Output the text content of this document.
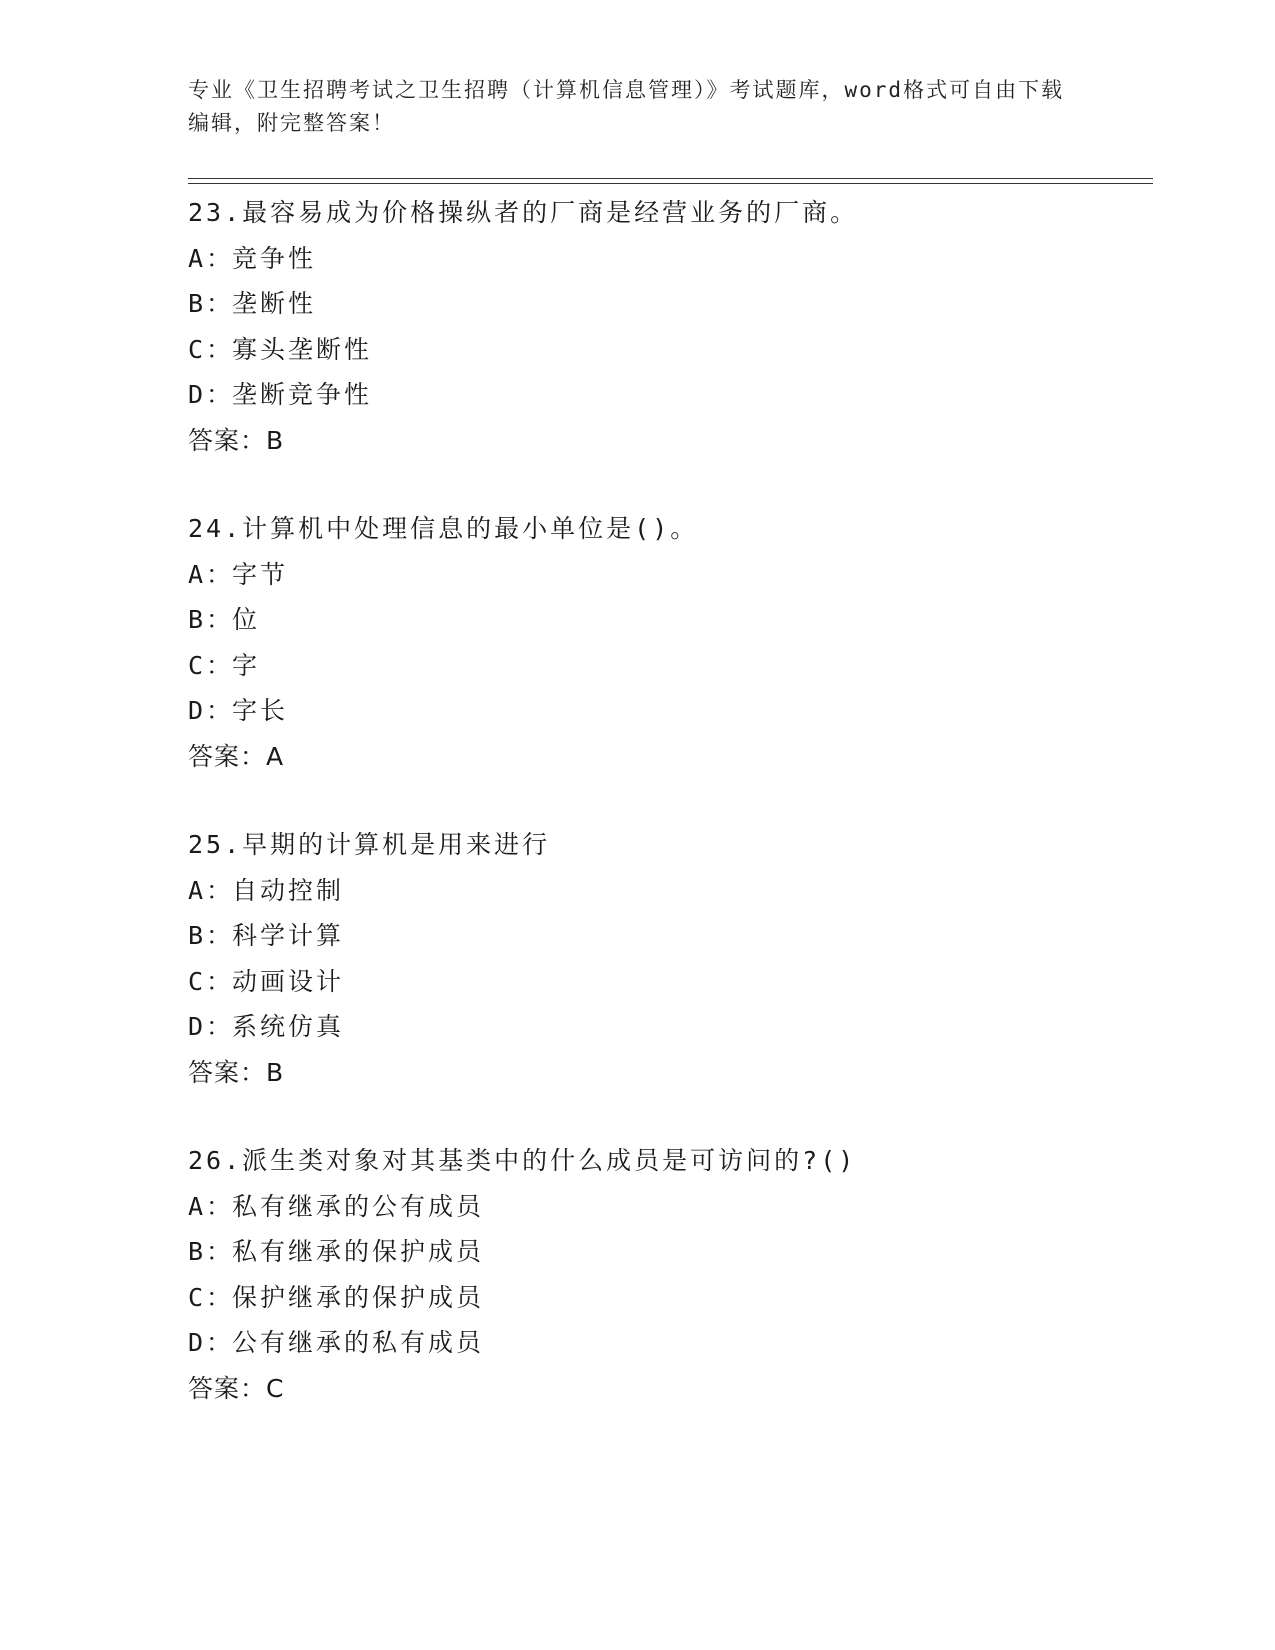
专业《卫生招聘考试之卫生招聘（计算机信息管理）》考试题库，word格式可自由下载编辑，附完整答案！
23.最容易成为价格操纵者的厂商是经营业务的厂商。
A：
竞争性
B：
垄断性
C：
寡头垄断性
D：
垄断竞争性
答案：B
24.计算机中处理信息的最小单位是()。
A：
字节
B：
位
C：
字
D：
字长
答案：A
25.早期的计算机是用来进行
A：
自动控制
B：
科学计算
C：
动画设计
D：
系统仿真
答案：B
26.派生类对象对其基类中的什么成员是可访问的?()
A：
私有继承的公有成员
B：
私有继承的保护成员
C：
保护继承的保护成员
D：
公有继承的私有成员
答案：C
